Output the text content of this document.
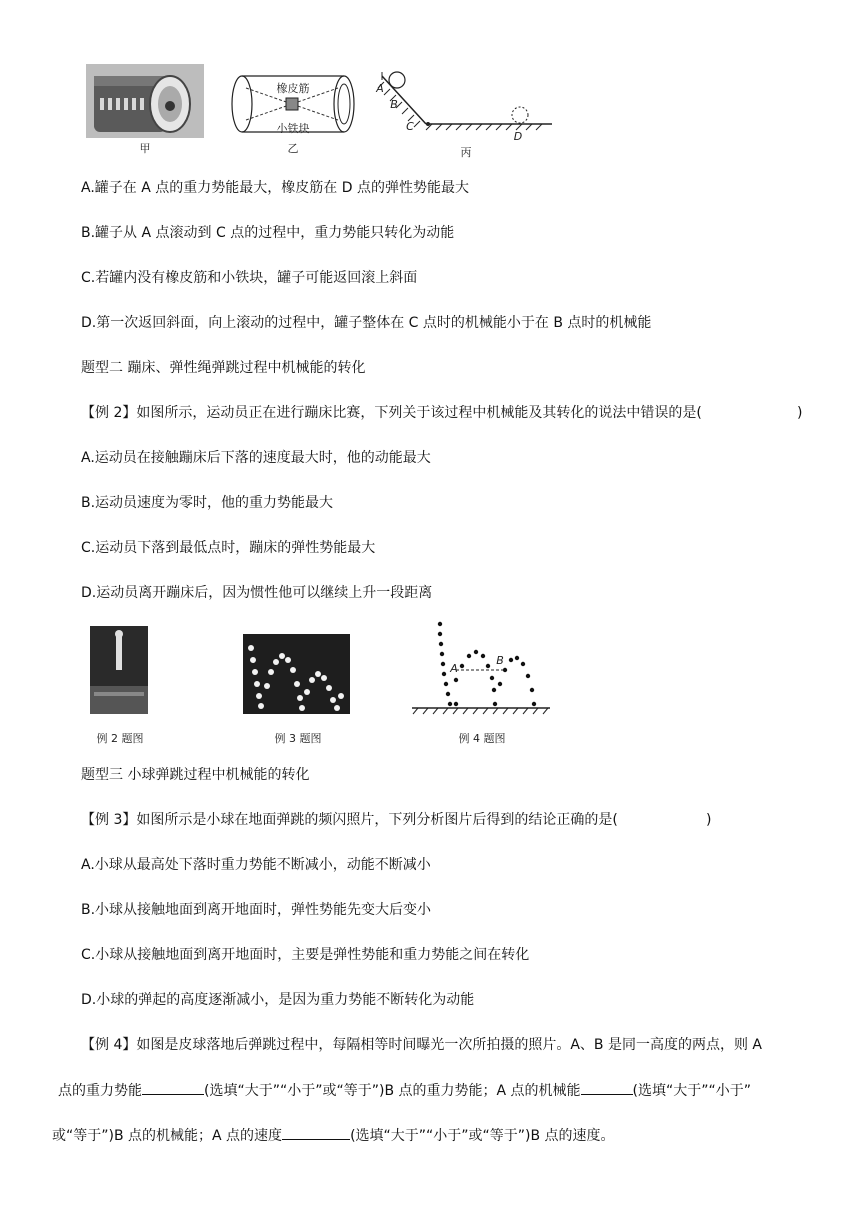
甲
橡皮筋
小铁块
乙
A
B
C
D
丙
A.罐子在 A 点的重力势能最大，橡皮筋在 D 点的弹性势能最大
B.罐子从 A 点滚动到 C 点的过程中，重力势能只转化为动能
C.若罐内没有橡皮筋和小铁块，罐子可能返回滚上斜面
D.第一次返回斜面，向上滚动的过程中，罐子整体在 C 点时的机械能小于在 B 点时的机械能
题型二 蹦床、弹性绳弹跳过程中机械能的转化
【例 2】如图所示，运动员正在进行蹦床比赛，下列关于该过程中机械能及其转化的说法中错误的是(	)
A.运动员在接触蹦床后下落的速度最大时，他的动能最大
B.运动员速度为零时，他的重力势能最大
C.运动员下落到最低点时，蹦床的弹性势能最大
D.运动员离开蹦床后，因为惯性他可以继续上升一段距离
例 2 题图	例 3 题图
A
B
例 4 题图
题型三 小球弹跳过程中机械能的转化
【例 3】如图所示是小球在地面弹跳的频闪照片，下列分析图片后得到的结论正确的是(	)
A.小球从最高处下落时重力势能不断减小，动能不断减小
B.小球从接触地面到离开地面时，弹性势能先变大后变小
C.小球从接触地面到离开地面时，主要是弹性势能和重力势能之间在转化
D.小球的弹起的高度逐渐减小，是因为重力势能不断转化为动能
【例 4】如图是皮球落地后弹跳过程中，每隔相等时间曝光一次所拍摄的照片。A、B 是同一高度的两点，则 A
点的重力势能	(选填“大于”“小于”或“等于”)B 点的重力势能；A 点的机械能	(选填“大于”“小于”
或“等于”)B 点的机械能；A 点的速度	(选填“大于”“小于”或“等于”)B 点的速度。
